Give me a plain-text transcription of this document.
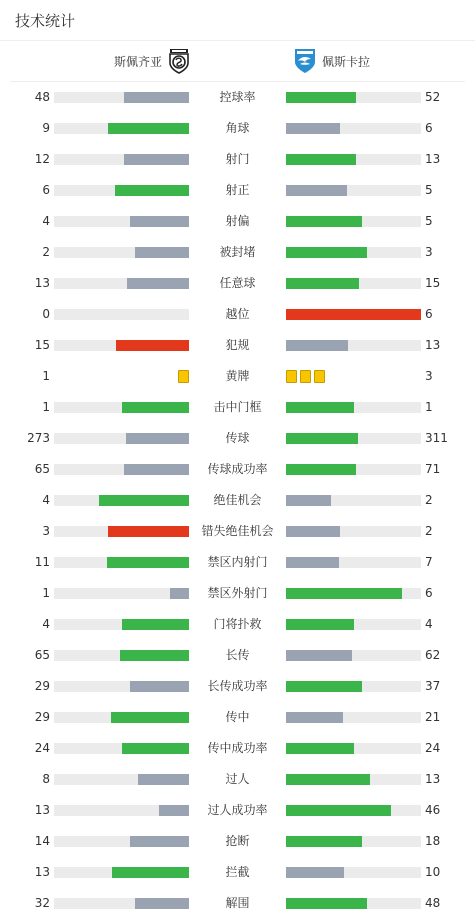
技术统计
斯佩齐亚	佩斯卡拉
48	控球率	52
9	角球	6
12	射门	13
6	射正	5
4	射偏	5
2	被封堵	3
13	任意球	15
0	越位	6
15	犯规	13
1	黄牌	3
1	击中门框	1
273	传球	311
65	传球成功率	71
4	绝佳机会	2
3	错失绝佳机会	2
11	禁区内射门	7
1	禁区外射门	6
4	门将扑救	4
65	长传	62
29	长传成功率	37
29	传中	21
24	传中成功率	24
8	过人	13
13	过人成功率	46
14	抢断	18
13	拦截	10
32	解围	48
